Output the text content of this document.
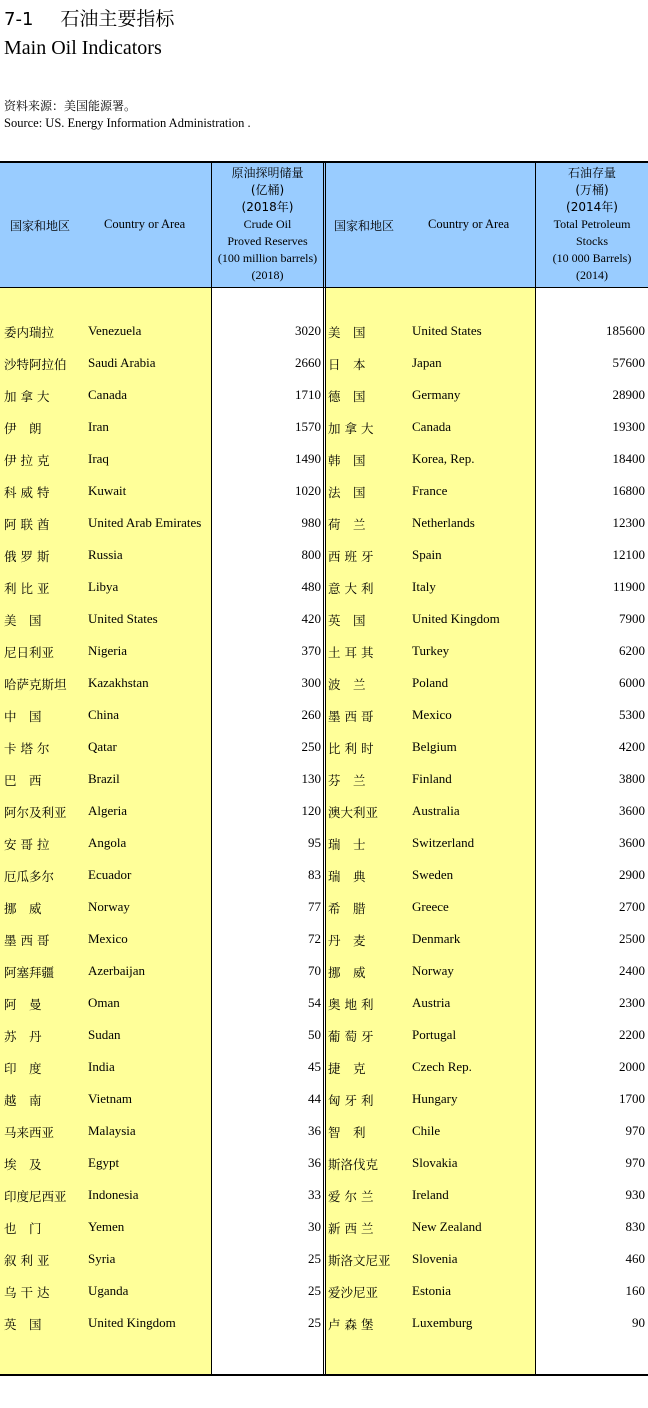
7-1 石油主要指标
Main Oil Indicators
资料来源：美国能源署。
Source: US. Energy Information Administration .
国家和地区	Country or Area
原油探明储量
(亿桶)
(2018年)
Crude Oil
Proved Reserves
(100 million barrels)
(2018)
国家和地区	Country or Area
石油存量
(万桶)
(2014年)
Total Petroleum
Stocks
(10 000 Barrels)
(2014)
委内瑞拉	Venezuela	3020 美　国	United States	185600
沙特阿拉伯 Saudi Arabia	2660 日　本	Japan	57600
加 拿 大	Canada	1710 德　国	Germany	28900
伊　朗	Iran	1570 加 拿 大	Canada	19300
伊 拉 克	Iraq	1490 韩　国	Korea, Rep.	18400
科 威 特	Kuwait	1020 法　国	France	16800
阿 联 酋	United Arab Emirates	980 荷　兰	Netherlands	12300
俄 罗 斯	Russia	800 西 班 牙	Spain	12100
利 比 亚	Libya	480 意 大 利	Italy	11900
美　国	United States	420 英　国	United Kingdom	7900
尼日利亚	Nigeria	370 土 耳 其	Turkey	6200
哈萨克斯坦 Kazakhstan	300 波　兰	Poland	6000
中　国	China	260 墨 西 哥	Mexico	5300
卡 塔 尔	Qatar	250 比 利 时	Belgium	4200
巴　西	Brazil	130 芬　兰	Finland	3800
阿尔及利亚 Algeria	120 澳大利亚	Australia	3600
安 哥 拉	Angola	95 瑞　士	Switzerland	3600
厄瓜多尔	Ecuador	83 瑞　典	Sweden	2900
挪　威	Norway	77 希　腊	Greece	2700
墨 西 哥	Mexico	72 丹　麦	Denmark	2500
阿塞拜疆	Azerbaijan	70 挪　威	Norway	2400
阿　曼	Oman	54 奥 地 利	Austria	2300
苏　丹	Sudan	50 葡 萄 牙	Portugal	2200
印　度	India	45 捷　克	Czech Rep.	2000
越　南	Vietnam	44 匈 牙 利	Hungary	1700
马来西亚	Malaysia	36 智　利	Chile	970
埃　及	Egypt	36 斯洛伐克	Slovakia	970
印度尼西亚 Indonesia	33 爱 尔 兰	Ireland	930
也　门	Yemen	30 新 西 兰	New Zealand	830
叙 利 亚	Syria	25 斯洛文尼亚 Slovenia	460
乌 干 达	Uganda	25 爱沙尼亚	Estonia	160
英　国	United Kingdom	25 卢 森 堡	Luxemburg	90
